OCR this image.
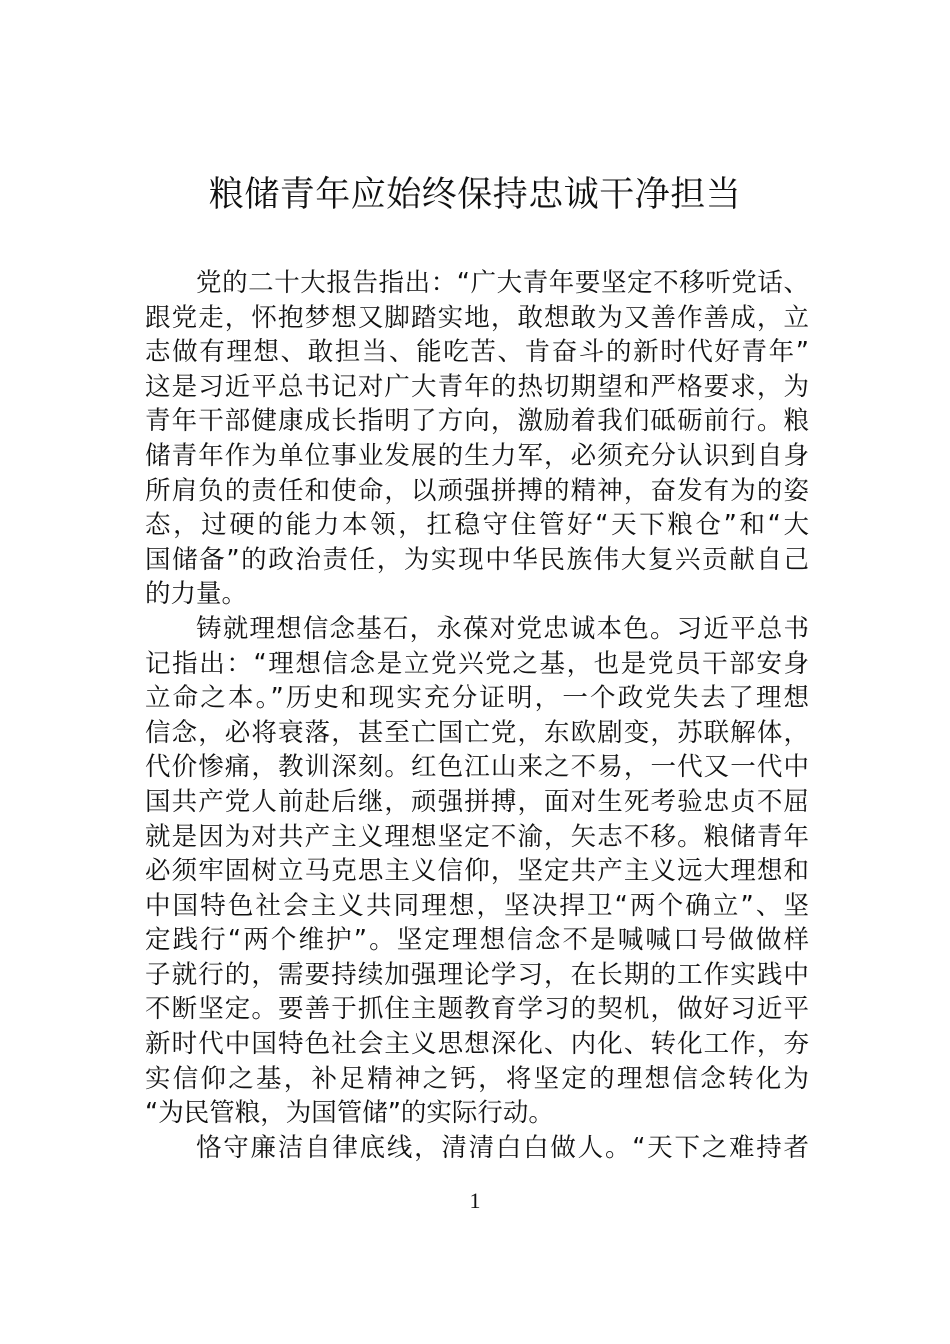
粮储青年应始终保持忠诚干净担当
党的二十大报告指出：“广大青年要坚定不移听党话、
跟党走，怀抱梦想又脚踏实地，敢想敢为又善作善成，立
志做有理想、敢担当、能吃苦、肯奋斗的新时代好青年”
这是习近平总书记对广大青年的热切期望和严格要求，为
青年干部健康成长指明了方向，激励着我们砥砺前行。粮
储青年作为单位事业发展的生力军，必须充分认识到自身
所肩负的责任和使命，以顽强拼搏的精神，奋发有为的姿
态，过硬的能力本领，扛稳守住管好“天下粮仓”和“大
国储备”的政治责任，为实现中华民族伟大复兴贡献自己
的力量。
铸就理想信念基石，永葆对党忠诚本色。习近平总书
记指出：“理想信念是立党兴党之基，也是党员干部安身
立命之本。”历史和现实充分证明，一个政党失去了理想
信念，必将衰落，甚至亡国亡党，东欧剧变，苏联解体，
代价惨痛，教训深刻。红色江山来之不易，一代又一代中
国共产党人前赴后继，顽强拼搏，面对生死考验忠贞不屈
就是因为对共产主义理想坚定不渝，矢志不移。粮储青年
必须牢固树立马克思主义信仰，坚定共产主义远大理想和
中国特色社会主义共同理想，坚决捍卫“两个确立”、坚
定践行“两个维护”。坚定理想信念不是喊喊口号做做样
子就行的，需要持续加强理论学习，在长期的工作实践中
不断坚定。要善于抓住主题教育学习的契机，做好习近平
新时代中国特色社会主义思想深化、内化、转化工作，夯
实信仰之基，补足精神之钙，将坚定的理想信念转化为
“为民管粮，为国管储”的实际行动。
恪守廉洁自律底线，清清白白做人。“天下之难持者
1
